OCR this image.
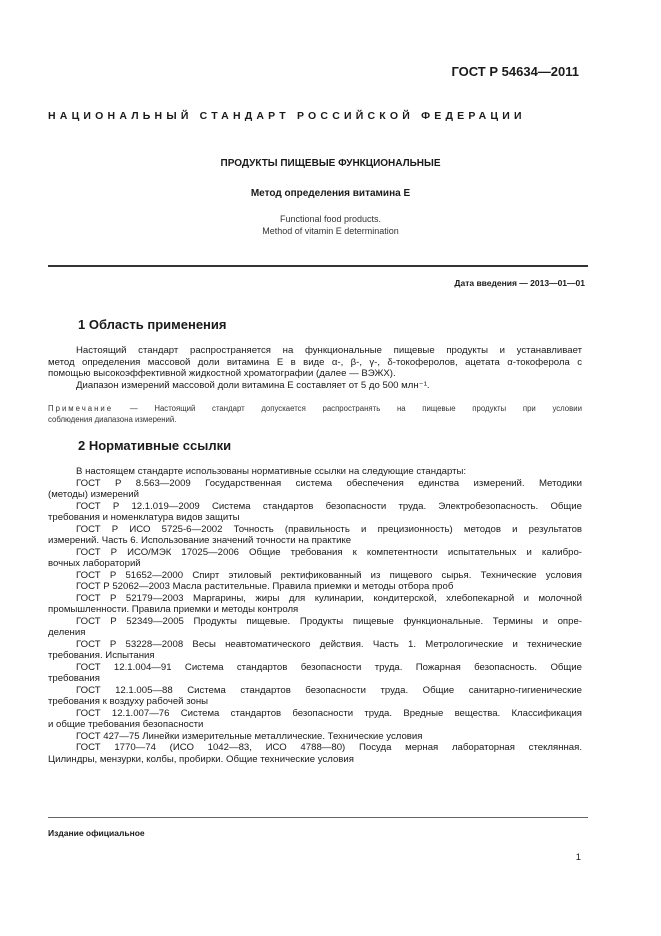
ГОСТ Р 54634—2011
НАЦИОНАЛЬНЫЙ СТАНДАРТ РОССИЙСКОЙ ФЕДЕРАЦИИ
ПРОДУКТЫ ПИЩЕВЫЕ ФУНКЦИОНАЛЬНЫЕ
Метод определения витамина Е
Functional food products.
Method of vitamin E determination
Дата введения — 2013—01—01
1 Область применения
Настоящий стандарт распространяется на функциональные пищевые продукты и устанавливает
метод определения массовой доли витамина Е в виде α-, β-, γ-, δ-токоферолов, ацетата α-токоферола с
помощью высокоэффективной жидкостной хроматографии (далее — ВЭЖХ).
Диапазон измерений массовой доли витамина Е составляет от 5 до 500 млн⁻¹.
Примечание — Настоящий стандарт допускается распространять на пищевые продукты при условии
соблюдения диапазона измерений.
2 Нормативные ссылки
В настоящем стандарте использованы нормативные ссылки на следующие стандарты:
ГОСТ Р 8.563—2009 Государственная система обеспечения единства измерений. Методики
(методы) измерений
ГОСТ Р 12.1.019—2009 Система стандартов безопасности труда. Электробезопасность. Общие
требования и номенклатура видов защиты
ГОСТ Р ИСО 5725-6—2002 Точность (правильность и прецизионность) методов и результатов
измерений. Часть 6. Использование значений точности на практике
ГОСТ Р ИСО/МЭК 17025—2006 Общие требования к компетентности испытательных и калибро-
вочных лабораторий
ГОСТ Р 51652—2000 Спирт этиловый ректификованный из пищевого сырья. Технические условия
ГОСТ Р 52062—2003 Масла растительные. Правила приемки и методы отбора проб
ГОСТ Р 52179—2003 Маргарины, жиры для кулинарии, кондитерской, хлебопекарной и молочной
промышленности. Правила приемки и методы контроля
ГОСТ Р 52349—2005 Продукты пищевые. Продукты пищевые функциональные. Термины и опре-
деления
ГОСТ Р 53228—2008 Весы неавтоматического действия. Часть 1. Метрологические и технические
требования. Испытания
ГОСТ 12.1.004—91 Система стандартов безопасности труда. Пожарная безопасность. Общие
требования
ГОСТ 12.1.005—88 Система стандартов безопасности труда. Общие санитарно-гигиенические
требования к воздуху рабочей зоны
ГОСТ 12.1.007—76 Система стандартов безопасности труда. Вредные вещества. Классификация
и общие требования безопасности
ГОСТ 427—75 Линейки измерительные металлические. Технические условия
ГОСТ 1770—74 (ИСО 1042—83, ИСО 4788—80) Посуда мерная лабораторная стеклянная.
Цилиндры, мензурки, колбы, пробирки. Общие технические условия
Издание официальное
1
